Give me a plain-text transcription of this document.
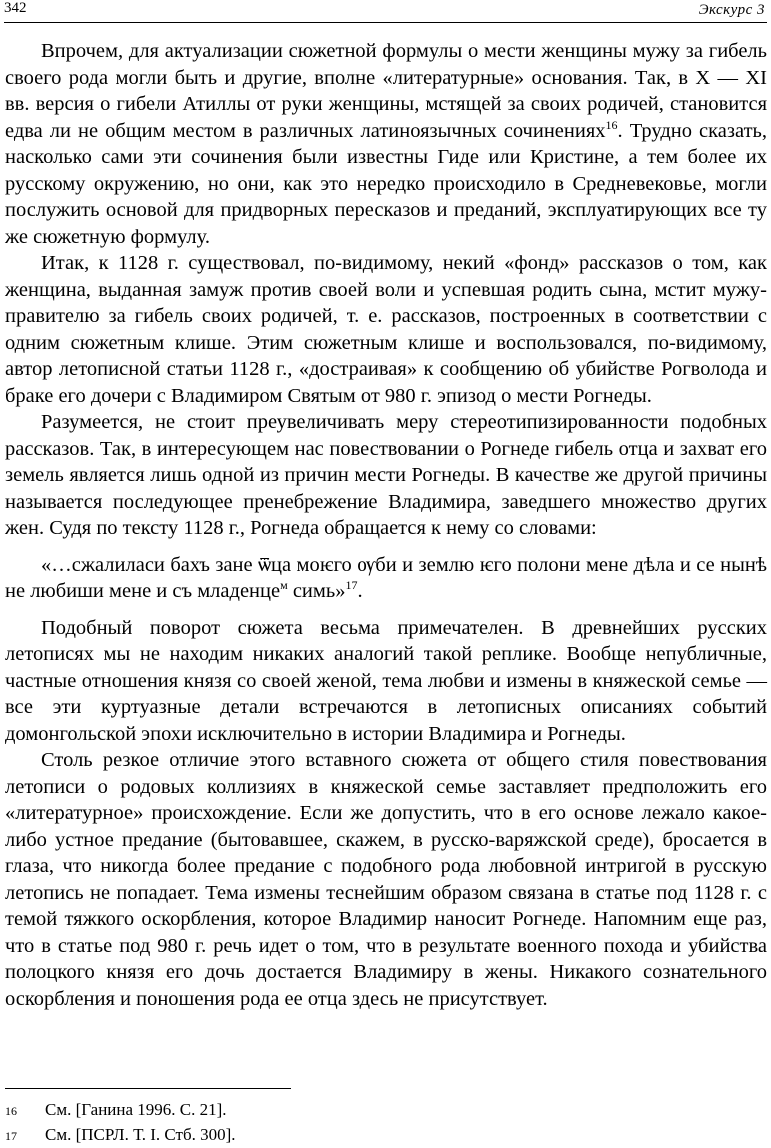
342	Экскурс 3

Впрочем, для актуализации сюжетной формулы о мести женщины мужу за гибель своего рода могли быть и другие, вполне «литературные» основания. Так, в X — XI вв. версия о гибели Атиллы от руки женщины, мстящей за своих родичей, становится едва ли не общим местом в различных латиноязычных сочинениях$^{16}$. Трудно сказать, насколько сами эти сочинения были известны Гиде или Кристине, а тем более их русскому окружению, но они, как это нередко происходило в Средневековье, могли послужить основой для придворных пересказов и преданий, эксплуатирующих все ту же сюжетную формулу.

Итак, к 1128 г. существовал, по-видимому, некий «фонд» рассказов о том, как женщина, выданная замуж против своей воли и успевшая родить сына, мстит мужу-правителю за гибель своих родичей, т. е. рассказов, построенных в соответствии с одним сюжетным клише. Этим сюжетным клише и воспользовался, по-видимому, автор летописной статьи 1128 г., «достраивая» к сообщению об убийстве Рогволода и браке его дочери с Владимиром Святым от 980 г. эпизод о мести Рогнеды.

Разумеется, не стоит преувеличивать меру стереотипизированности подобных рассказов. Так, в интересующем нас повествовании о Рогнеде гибель отца и захват его земель является лишь одной из причин мести Рогнеды. В качестве же другой причины называется последующее пренебрежение Владимира, заведшего множество других жен. Судя по тексту 1128 г., Рогнеда обращается к нему со словами:

«…сжалиласи бахъ зане ѿца моѥго ѹби и землю ѥго полони мене дѣла и се нынѣ не любиши мене и съ младенце$^м$ симь»$^{17}$.

Подобный поворот сюжета весьма примечателен. В древнейших русских летописях мы не находим никаких аналогий такой реплике. Вообще непубличные, частные отношения князя со своей женой, тема любви и измены в княжеской семье — все эти куртуазные детали встречаются в летописных описаниях событий домонгольской эпохи исключительно в истории Владимира и Рогнеды.

Столь резкое отличие этого вставного сюжета от общего стиля повествования летописи о родовых коллизиях в княжеской семье заставляет предположить его «литературное» происхождение. Если же допустить, что в его основе лежало какое-либо устное предание (бытовавшее, скажем, в русско-варяжской среде), бросается в глаза, что никогда более предание с подобного рода любовной интригой в русскую летопись не попадает. Тема измены теснейшим образом связана в статье под 1128 г. с темой тяжкого оскорбления, которое Владимир наносит Рогнеде. Напомним еще раз, что в статье под 980 г. речь идет о том, что в результате военного похода и убийства полоцкого князя его дочь достается Владимиру в жены. Никакого сознательного оскорбления и поношения рода ее отца здесь не присутствует.

16	См. [Ганина 1996. С. 21].
17	См. [ПСРЛ. Т. I. Стб. 300].
